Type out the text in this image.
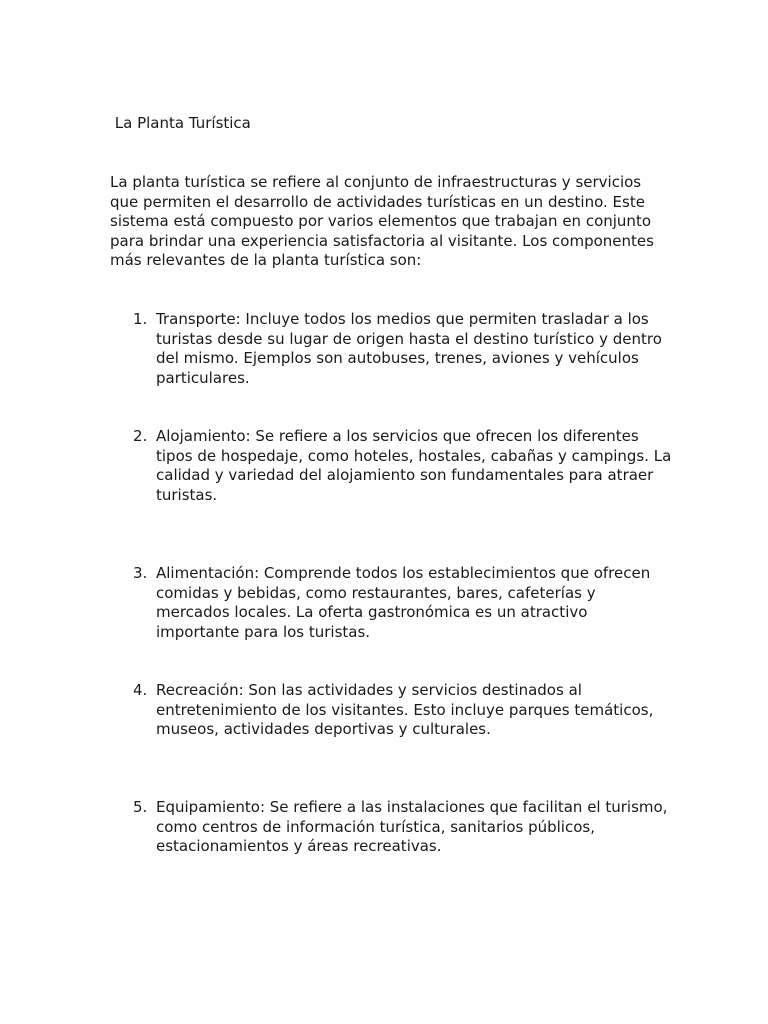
La Planta Turística
La planta turística se refiere al conjunto de infraestructuras y servicios que permiten el desarrollo de actividades turísticas en un destino. Este sistema está compuesto por varios elementos que trabajan en conjunto para brindar una experiencia satisfactoria al visitante. Los componentes más relevantes de la planta turística son:
1. Transporte: Incluye todos los medios que permiten trasladar a los turistas desde su lugar de origen hasta el destino turístico y dentro del mismo. Ejemplos son autobuses, trenes, aviones y vehículos particulares.
2. Alojamiento: Se refiere a los servicios que ofrecen los diferentes tipos de hospedaje, como hoteles, hostales, cabañas y campings. La calidad y variedad del alojamiento son fundamentales para atraer turistas.
3. Alimentación: Comprende todos los establecimientos que ofrecen comidas y bebidas, como restaurantes, bares, cafeterías y mercados locales. La oferta gastronómica es un atractivo importante para los turistas.
4. Recreación: Son las actividades y servicios destinados al entretenimiento de los visitantes. Esto incluye parques temáticos, museos, actividades deportivas y culturales.
5. Equipamiento: Se refiere a las instalaciones que facilitan el turismo, como centros de información turística, sanitarios públicos, estacionamientos y áreas recreativas.
